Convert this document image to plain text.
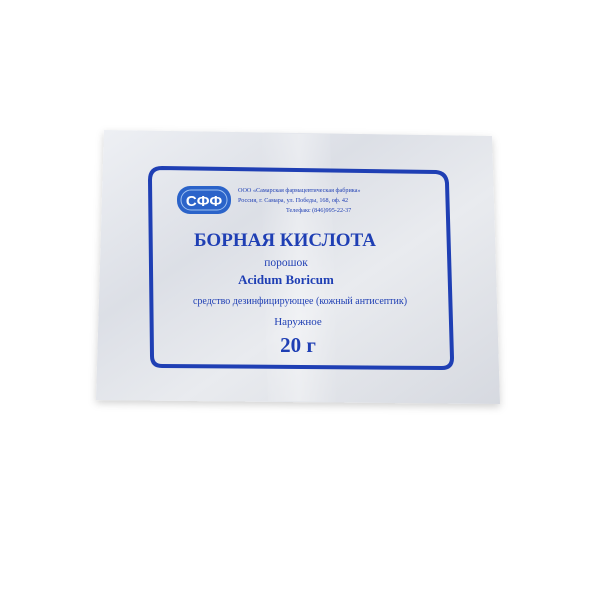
СФФ
ООО «Самарская фармацевтическая фабрика»
Россия, г. Самара, ул. Победы, 168, оф. 42
Телефакс (846)995-22-37
БОРНАЯ КИСЛОТА
порошок
Acidum Boricum
средство дезинфицирующее (кожный антисептик)
Наружное
20 г
